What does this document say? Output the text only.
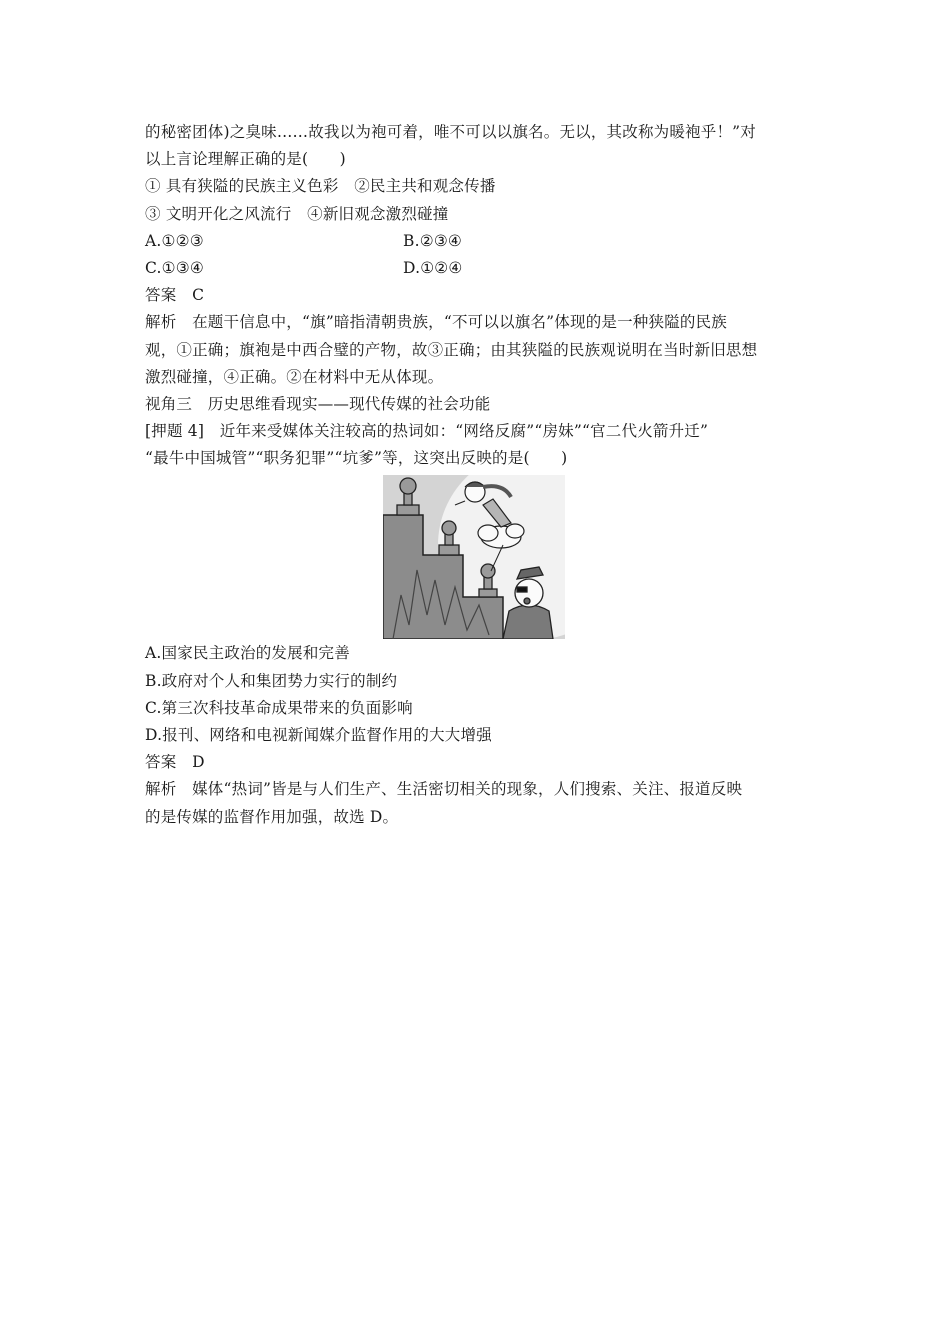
的秘密团体)之臭味……故我以为袍可着，唯不可以以旗名。无以，其改称为暖袍乎！”对
以上言论理解正确的是(　　)
① 具有狭隘的民族主义色彩　②民主共和观念传播
③ 文明开化之风流行　④新旧观念激烈碰撞
A.①②③	B.②③④
C.①③④	D.①②④
答案　C
解析　在题干信息中，“旗”暗指清朝贵族，“不可以以旗名”体现的是一种狭隘的民族
观，①正确；旗袍是中西合璧的产物，故③正确；由其狭隘的民族观说明在当时新旧思想
激烈碰撞，④正确。②在材料中无从体现。
视角三　历史思维看现实——现代传媒的社会功能
[押题 4]　近年来受媒体关注较高的热词如：“网络反腐”“房妹”“官二代火箭升迁”
“最牛中国城管”“职务犯罪”“坑爹”等，这突出反映的是(　　)
A.国家民主政治的发展和完善
B.政府对个人和集团势力实行的制约
C.第三次科技革命成果带来的负面影响
D.报刊、网络和电视新闻媒介监督作用的大大增强
答案　D
解析　媒体“热词”皆是与人们生产、生活密切相关的现象，人们搜索、关注、报道反映
的是传媒的监督作用加强，故选 D。
